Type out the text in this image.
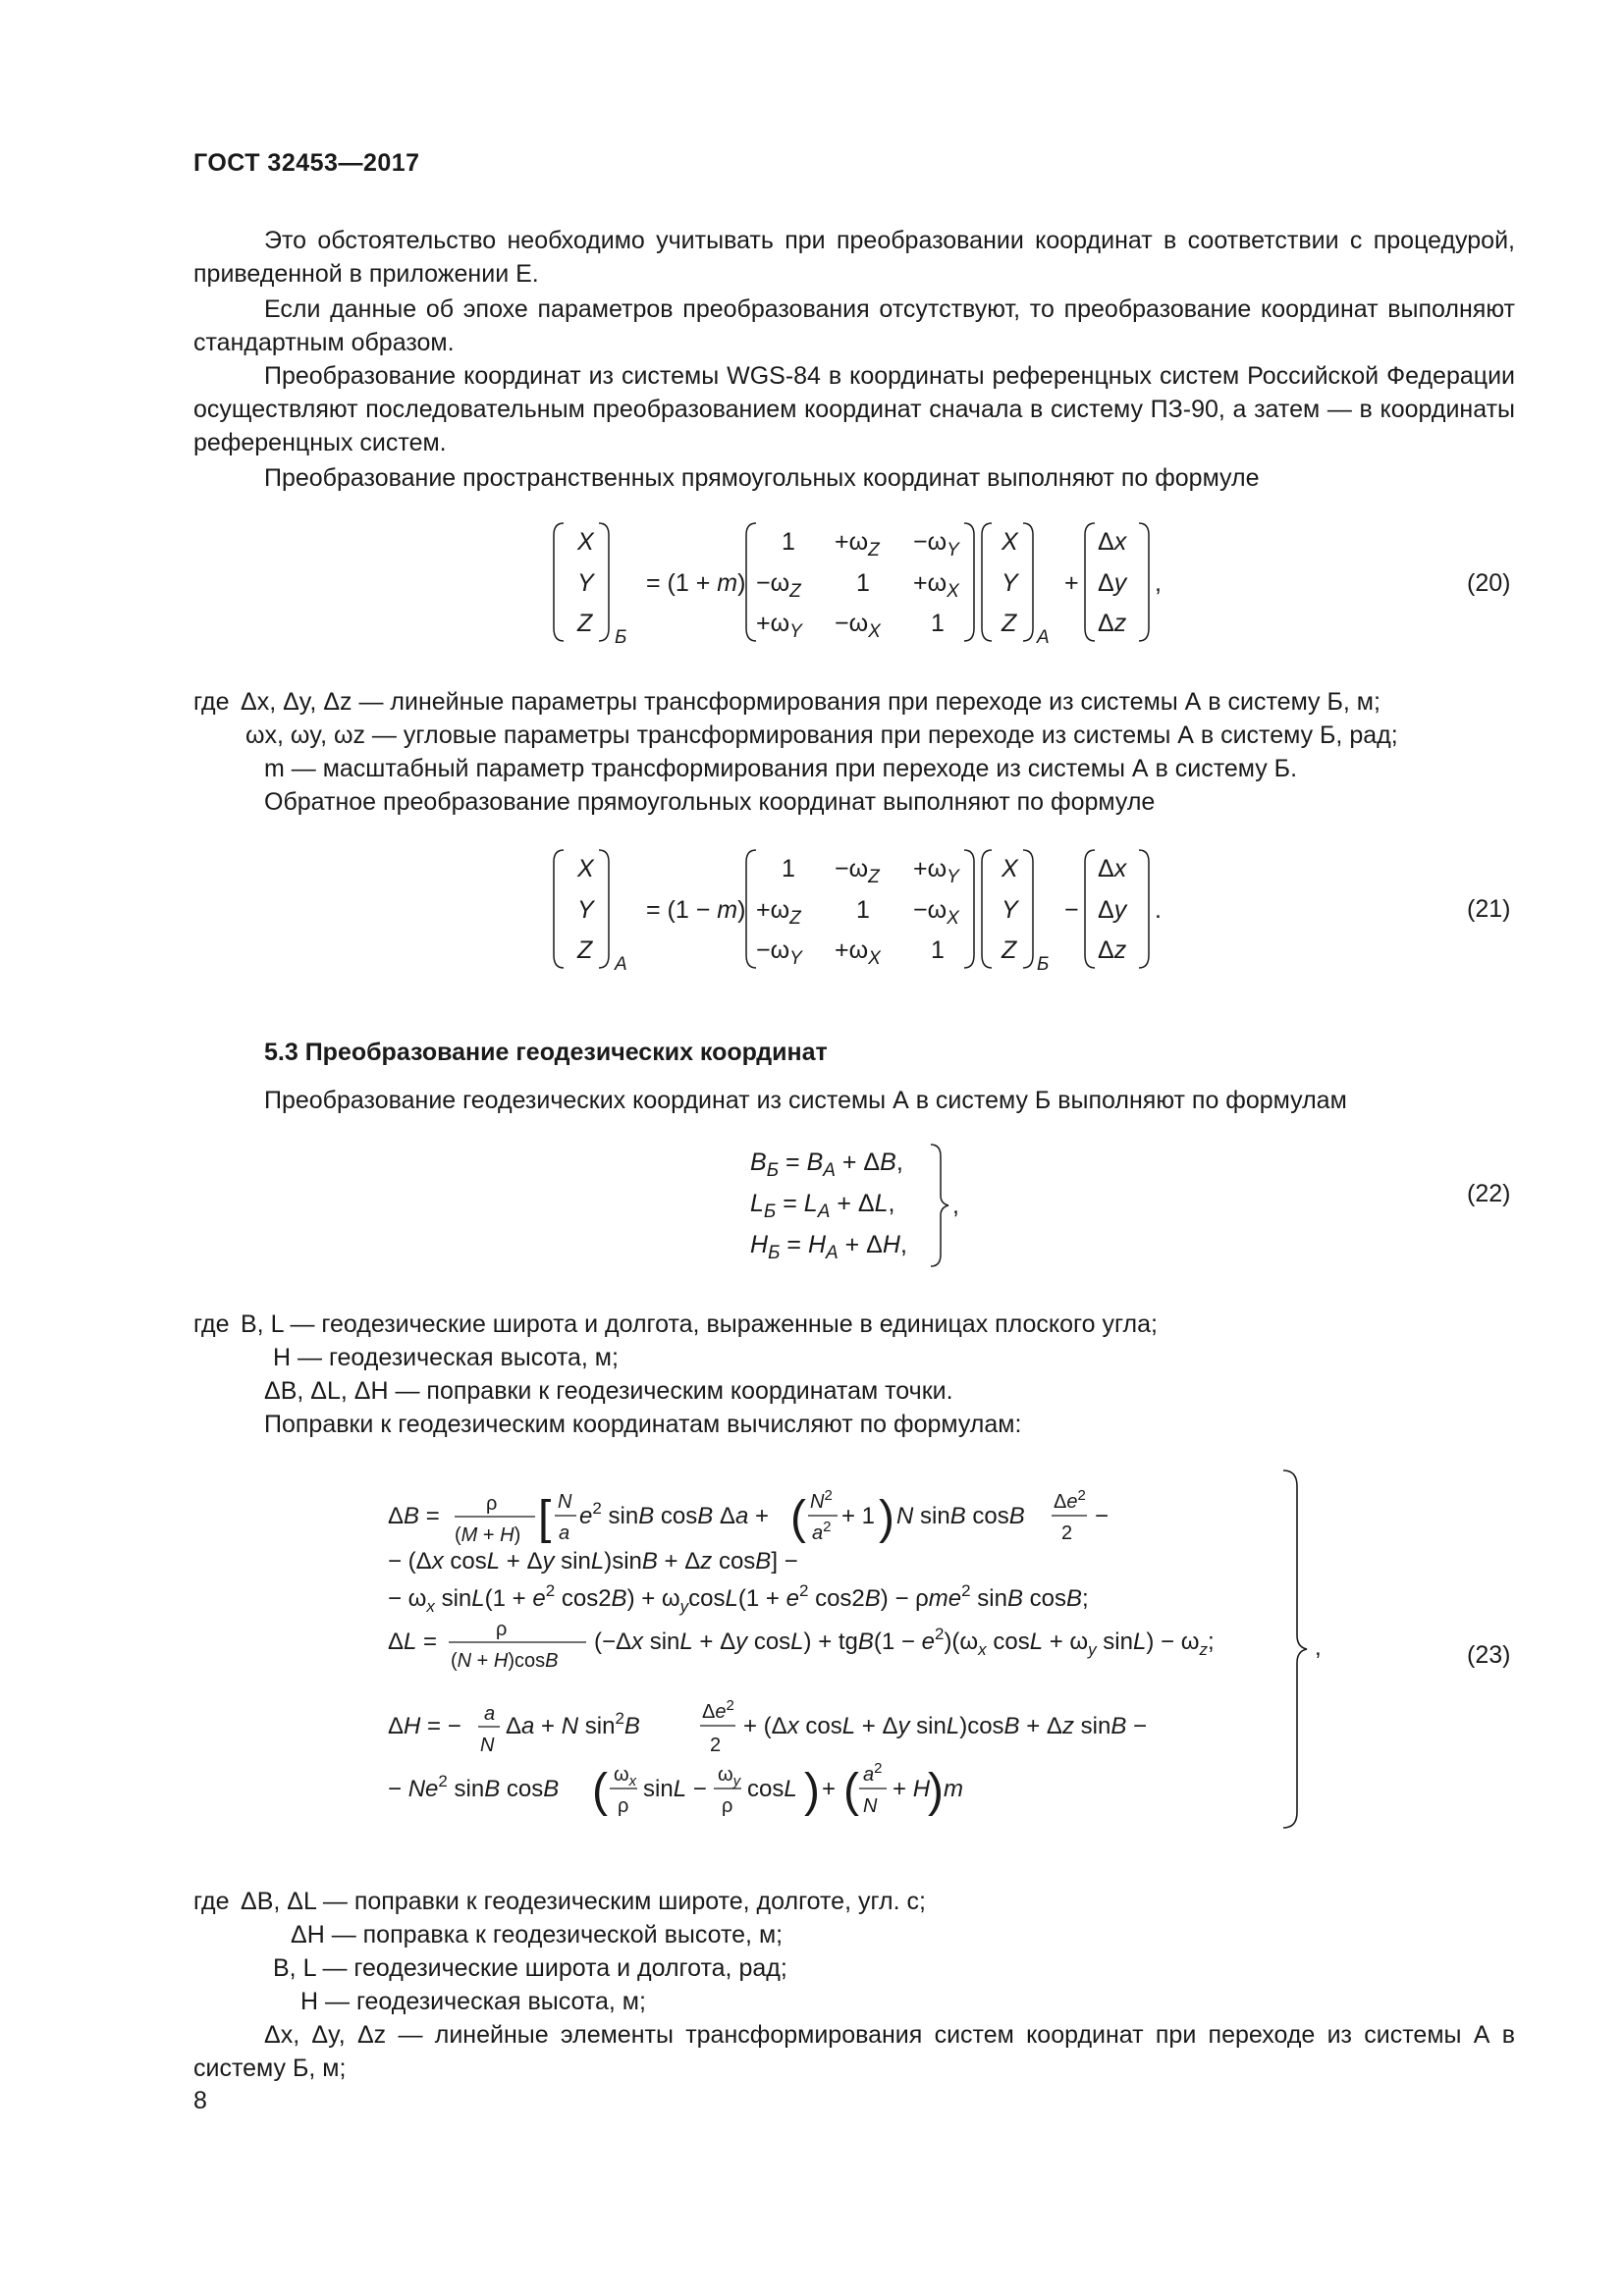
ГОСТ 32453—2017
Это обстоятельство необходимо учитывать при преобразовании координат в соответствии с процедурой, приведенной в приложении Е.
Если данные об эпохе параметров преобразования отсутствуют, то преобразование координат выполняют стандартным образом.
Преобразование координат из системы WGS-84 в координаты референцных систем Российской Федерации осуществляют последовательным преобразованием координат сначала в систему ПЗ-90, а затем — в координаты референцных систем.
Преобразование пространственных прямоугольных координат выполняют по формуле
X
Y
Z
Б
= (1 + m)
$1 +\omega_Z -\omega_Y$
$-\omega_Z$ $1 +\omega_X$
$+\omega_Y -\omega_X$ 1
X
Y
Z
А
+
Δx
Δy
Δz
,	(20)
где Δx, Δy, Δz — линейные параметры трансформирования при переходе из системы А в систему Б, м;
ωx, ωy, ωz — угловые параметры трансформирования при переходе из системы А в систему Б, рад;
m — масштабный параметр трансформирования при переходе из системы А в систему Б.
Обратное преобразование прямоугольных координат выполняют по формуле
X
Y
Z
А
= (1 − m)
$1 -\omega_Z +\omega_Y$
$+\omega_Z$ $1 -\omega_X$
$-\omega_Y +\omega_X$ 1
X
Y
Z
Б
−
Δx
Δy
Δz
.	(21)
5.3 Преобразование геодезических координат
Преобразование геодезических координат из системы А в систему Б выполняют по формулам
$B_Б = B_А + \Delta B$,
$L_Б = L_А + \Delta L$,
$H_Б = H_А + \Delta H$,
,	(22)
где B, L — геодезические широта и долгота, выраженные в единицах плоского угла;
H — геодезическая высота, м;
ΔB, ΔL, ΔH — поправки к геодезическим координатам точки.
Поправки к геодезическим координатам вычисляют по формулам:
ΔB = ρ
(M + H) [ N
a
$e^2$ sinB cosB Δa + ( $N^2$
$a^2 + 1$ ) N sinB cosB
$\Delta e^2$
2
−
− (Δx cosL + Δy sinL)sinB + Δz cosB] −
− $\omega_x$ $\sin L(1 + e^2$ $\cos 2B) + \omega_y\cos L(1 + e^2$ cos2B) − ρme$^2$ sinB cosB;
ΔL =	ρ
(N + H)cosB
(−Δx sinL + Δy $\cos L) + tgB(1 - e^2)(\omega_x$ $\cos L + \omega_y$ $\sin L) - \omega_z$;
ΔH = − a
N
Δa + N $\sin^2B$
$\Delta e^2$
2
+ (Δx cosL + Δy sinL)cosB + Δz sinB −
− $Ne^2$ sinB cosB ( $\omega_x$
ρ
sinL −
$\omega_y$
ρ
cosL ) + ( $a^2$
N
+ H
) m
,	(23)
где ΔB, ΔL — поправки к геодезическим широте, долготе, угл. с;
ΔH — поправка к геодезической высоте, м;
B, L — геодезические широта и долгота, рад;
H — геодезическая высота, м;
Δx, Δy, Δz — линейные элементы трансформирования систем координат при переходе из системы А в систему Б, м;
8
